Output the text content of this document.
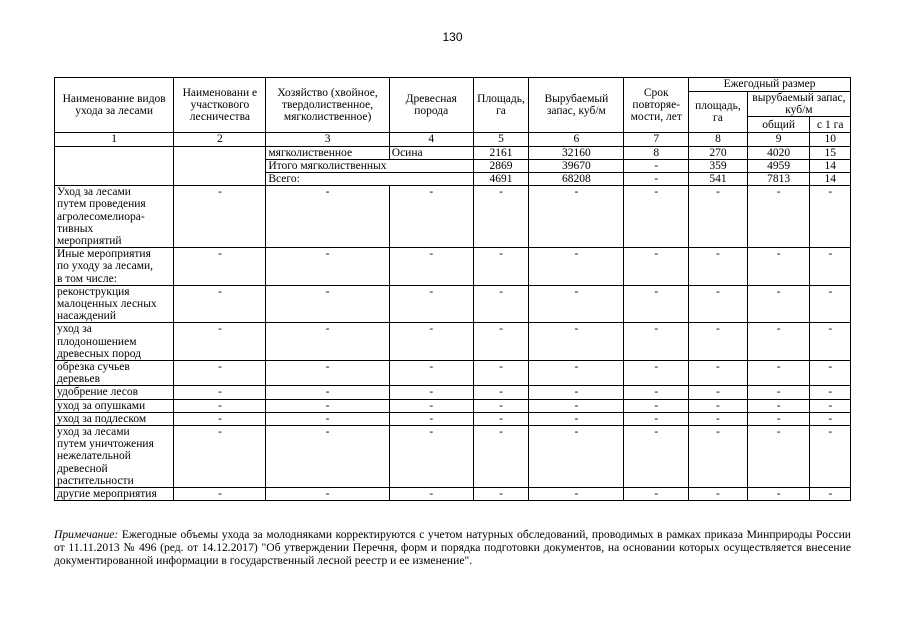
130
Наименование видов ухода за лесами	Наименовани е участкового лесничества	Хозяйство (хвойное, твердолиственное, мягколиственное)	Древесная порода	Площадь, га	Вырубаемый запас, куб/м	Срок повторяе-мости, лет	Ежегодный размер		
							площадь, га	вырубаемый запас, куб/м	
								общий	с 1 га
1	2	3	4	5	6	7	8	9	10
		мягколиственное	Осина	2161	32160	8	270	4020	15
		Итого мягколиственных		2869	39670	-	359	4959	14
		Всего:		4691	68208	-	541	7813	14

Уход за лесами
путем проведения
агролесомелиора-
тивных
мероприятий	-	-	-	-	-	-	-	-	-

Иные мероприятия
по уходу за лесами,
в том числе:	-	-	-	-	-	-	-	-	-

реконструкция
малоценных лесных
насаждений	-	-	-	-	-	-	-	-	-

уход за
плодоношением
древесных пород	-	-	-	-	-	-	-	-	-

обрезка сучьев
деревьев	-	-	-	-	-	-	-	-	-

удобрение лесов	-	-	-	-	-	-	-	-	-

уход за опушками	-	-	-	-	-	-	-	-	-

уход за подлеском	-	-	-	-	-	-	-	-	-

уход за лесами
путем уничтожения
нежелательной
древесной
растительности	-	-	-	-	-	-	-	-	-

другие мероприятия	-	-	-	-	-	-	-	-	-
Примечание: Ежегодные объемы ухода за молодняками корректируются с учетом натурных обследований, проводимых в рамках приказа Минприроды России от 11.11.2013 № 496 (ред. от 14.12.2017) "Об утверждении Перечня, форм и порядка подготовки документов, на основании которых осуществляется внесение документированной информации в государственный лесной реестр и ее изменение".
